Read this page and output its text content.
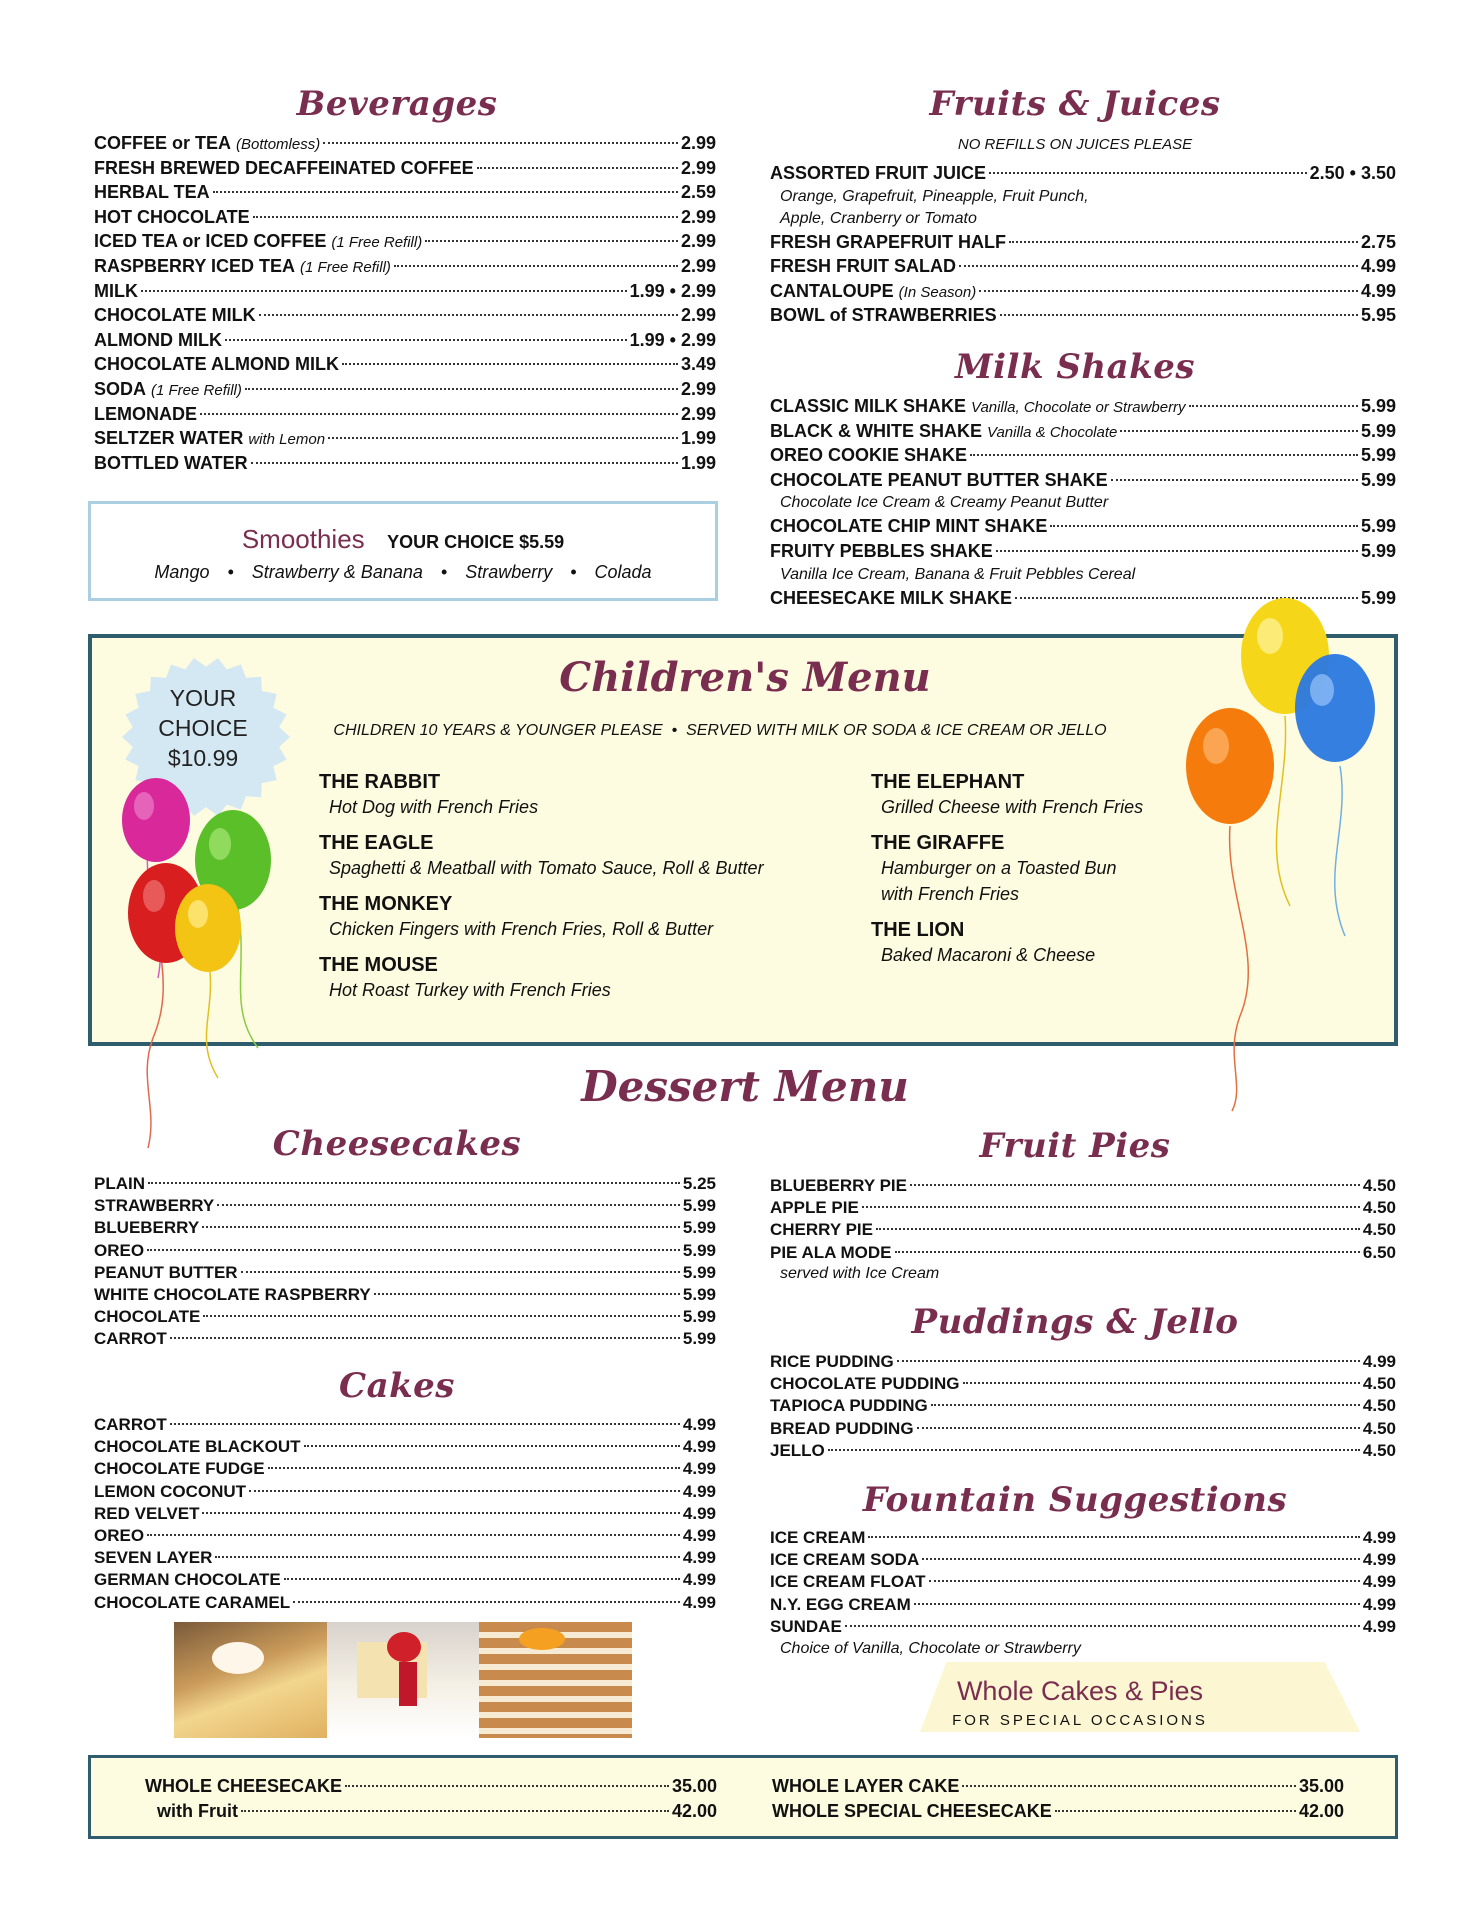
Beverages
COFFEE or TEA (Bottomless)	2.99
FRESH BREWED DECAFFEINATED COFFEE	2.99
HERBAL TEA	2.59
HOT CHOCOLATE	2.99
ICED TEA or ICED COFFEE (1 Free Refill)	2.99
RASPBERRY ICED TEA (1 Free Refill)	2.99
MILK	1.99 • 2.99
CHOCOLATE MILK	2.99
ALMOND MILK	1.99 • 2.99
CHOCOLATE ALMOND MILK	3.49
SODA (1 Free Refill)	2.99
LEMONADE	2.99
SELTZER WATER with Lemon	1.99
BOTTLED WATER	1.99
Smoothies YOUR CHOICE $5.59
Mango • Strawberry & Banana • Strawberry • Colada
Fruits & Juices
NO REFILLS ON JUICES PLEASE
ASSORTED FRUIT JUICE	2.50 • 3.50
Orange, Grapefruit, Pineapple, Fruit Punch,
Apple, Cranberry or Tomato
FRESH GRAPEFRUIT HALF	2.75
FRESH FRUIT SALAD	4.99
CANTALOUPE (In Season)	4.99
BOWL of STRAWBERRIES	5.95
Milk Shakes
CLASSIC MILK SHAKE Vanilla, Chocolate or Strawberry	5.99
BLACK & WHITE SHAKE Vanilla & Chocolate	5.99
OREO COOKIE SHAKE	5.99
CHOCOLATE PEANUT BUTTER SHAKE	5.99
Chocolate Ice Cream & Creamy Peanut Butter
CHOCOLATE CHIP MINT SHAKE	5.99
FRUITY PEBBLES SHAKE	5.99
Vanilla Ice Cream, Banana & Fruit Pebbles Cereal
CHEESECAKE MILK SHAKE	5.99
YOUR
CHOICE
$10.99
Children's Menu
CHILDREN 10 YEARS & YOUNGER PLEASE  •  SERVED WITH MILK OR SODA & ICE CREAM OR JELLO
THE RABBIT
Hot Dog with French Fries
THE EAGLE
Spaghetti & Meatball with Tomato Sauce, Roll & Butter
THE MONKEY
Chicken Fingers with French Fries, Roll & Butter
THE MOUSE
Hot Roast Turkey with French Fries
THE ELEPHANT
Grilled Cheese with French Fries
THE GIRAFFE
Hamburger on a Toasted Bun
with French Fries
THE LION
Baked Macaroni & Cheese
Dessert Menu
Cheesecakes
PLAIN	5.25
STRAWBERRY	5.99
BLUEBERRY	5.99
OREO	5.99
PEANUT BUTTER	5.99
WHITE CHOCOLATE RASPBERRY	5.99
CHOCOLATE	5.99
CARROT	5.99
Cakes
CARROT	4.99
CHOCOLATE BLACKOUT	4.99
CHOCOLATE FUDGE	4.99
LEMON COCONUT	4.99
RED VELVET	4.99
OREO	4.99
SEVEN LAYER	4.99
GERMAN CHOCOLATE	4.99
CHOCOLATE CARAMEL	4.99
Fruit Pies
BLUEBERRY PIE	4.50
APPLE PIE	4.50
CHERRY PIE	4.50
PIE ALA MODE	6.50
served with Ice Cream
Puddings & Jello
RICE PUDDING	4.99
CHOCOLATE PUDDING	4.50
TAPIOCA PUDDING	4.50
BREAD PUDDING	4.50
JELLO	4.50
Fountain Suggestions
ICE CREAM	4.99
ICE CREAM SODA	4.99
ICE CREAM FLOAT	4.99
N.Y. EGG CREAM	4.99
SUNDAE	4.99
Choice of Vanilla, Chocolate or Strawberry
Whole Cakes & Pies
FOR SPECIAL OCCASIONS
WHOLE CHEESECAKE	35.00
with Fruit	42.00
WHOLE LAYER CAKE	35.00
WHOLE SPECIAL CHEESECAKE	42.00
